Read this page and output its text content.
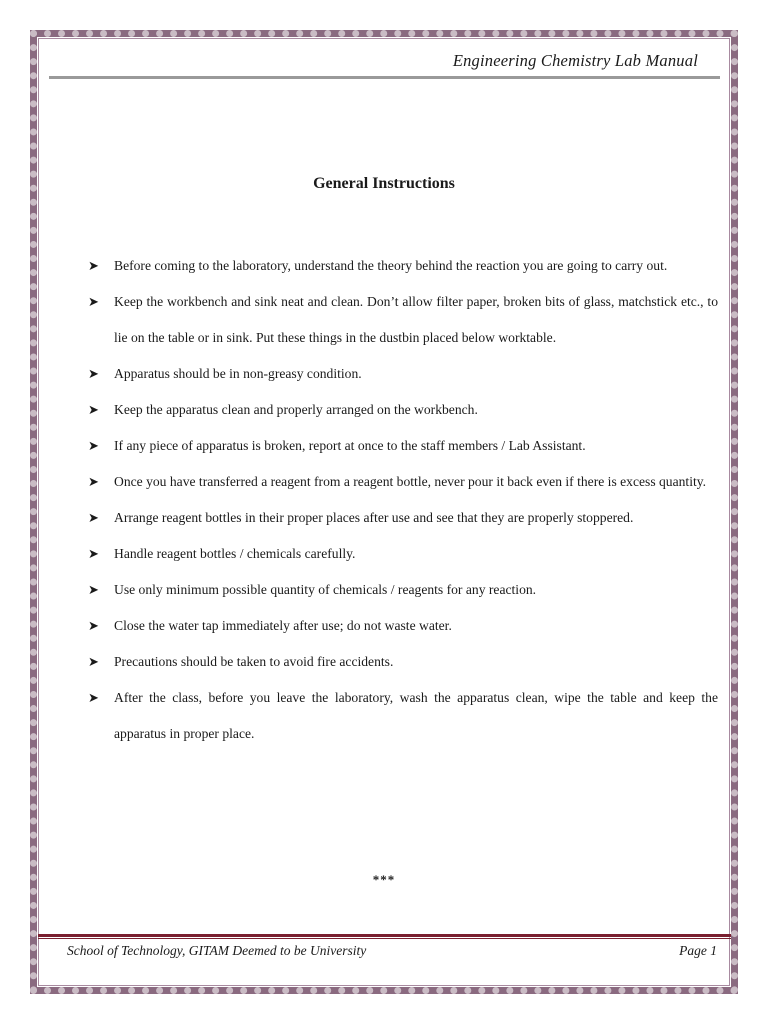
Engineering Chemistry Lab Manual
General Instructions
➤ Before coming to the laboratory, understand the theory behind the reaction you are going to carry out.
➤ Keep the workbench and sink neat and clean. Don’t allow filter paper, broken bits of glass, matchstick etc., to lie on the table or in sink. Put these things in the dustbin placed below worktable.
➤ Apparatus should be in non-greasy condition.
➤ Keep the apparatus clean and properly arranged on the workbench.
➤ If any piece of apparatus is broken, report at once to the staff members / Lab Assistant.
➤ Once you have transferred a reagent from a reagent bottle, never pour it back even if there is excess quantity.
➤ Arrange reagent bottles in their proper places after use and see that they are properly stoppered.
➤ Handle reagent bottles / chemicals carefully.
➤ Use only minimum possible quantity of chemicals / reagents for any reaction.
➤ Close the water tap immediately after use; do not waste water.
➤ Precautions should be taken to avoid fire accidents.
➤ After the class, before you leave the laboratory, wash the apparatus clean, wipe the table and keep the apparatus in proper place.
***
School of Technology, GITAM Deemed to be University	Page 1
